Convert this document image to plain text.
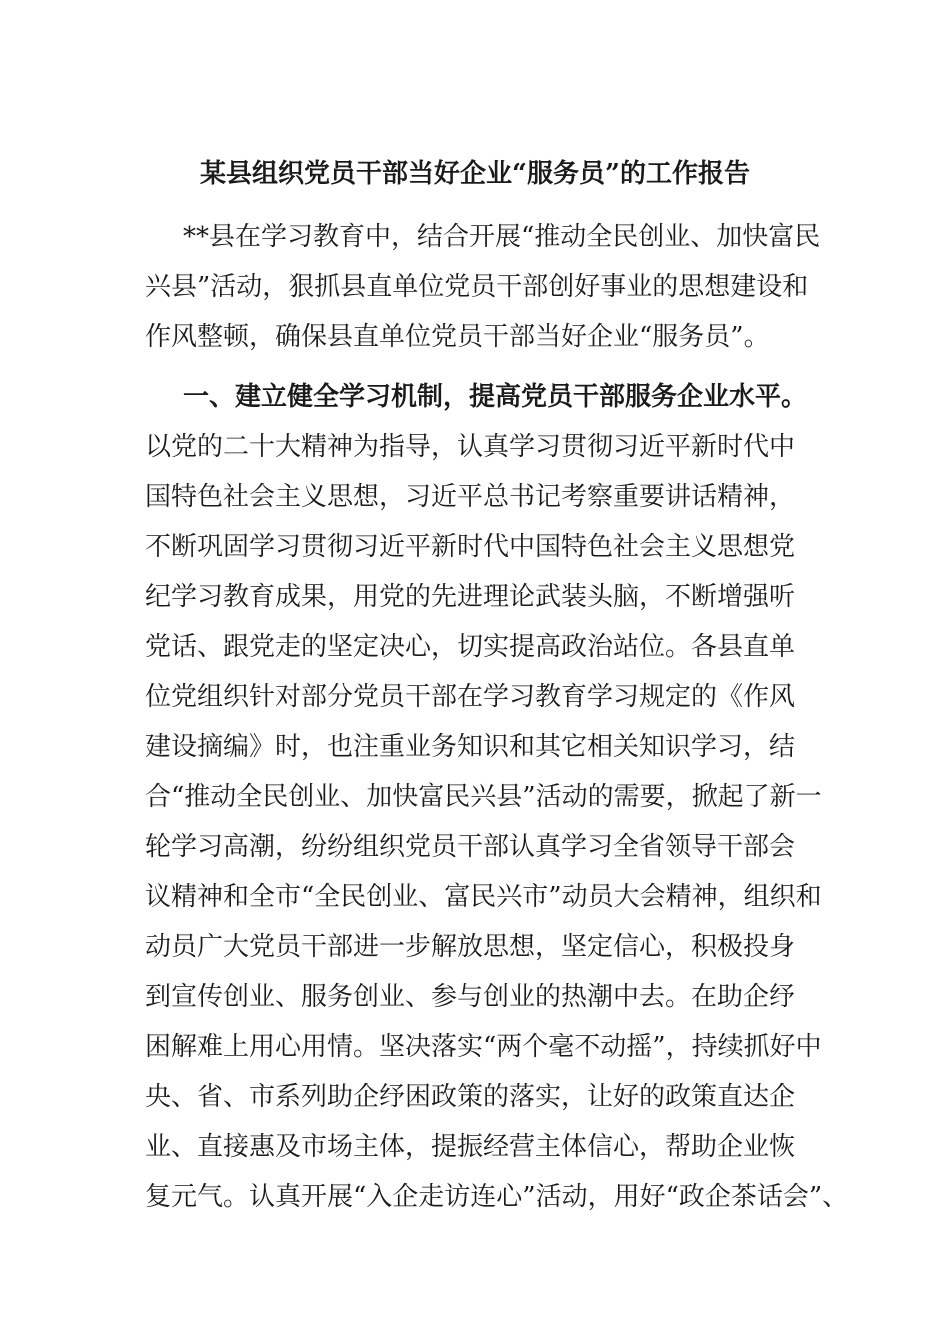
某县组织党员干部当好企业“服务员”的工作报告
**县在学习教育中，结合开展“推动全民创业、加快富民
兴县”活动，狠抓县直单位党员干部创好事业的思想建设和
作风整顿，确保县直单位党员干部当好企业“服务员”。
一、建立健全学习机制，提高党员干部服务企业水平。
以党的二十大精神为指导，认真学习贯彻习近平新时代中
国特色社会主义思想，习近平总书记考察重要讲话精神，
不断巩固学习贯彻习近平新时代中国特色社会主义思想党
纪学习教育成果，用党的先进理论武装头脑，不断增强听
党话、跟党走的坚定决心，切实提高政治站位。各县直单
位党组织针对部分党员干部在学习教育学习规定的《作风
建设摘编》时，也注重业务知识和其它相关知识学习，结
合“推动全民创业、加快富民兴县”活动的需要，掀起了新一
轮学习高潮，纷纷组织党员干部认真学习全省领导干部会
议精神和全市“全民创业、富民兴市”动员大会精神，组织和
动员广大党员干部进一步解放思想，坚定信心，积极投身
到宣传创业、服务创业、参与创业的热潮中去。在助企纾
困解难上用心用情。坚决落实“两个毫不动摇”，持续抓好中
央、省、市系列助企纾困政策的落实，让好的政策直达企
业、直接惠及市场主体，提振经营主体信心，帮助企业恢
复元气。认真开展“入企走访连心”活动，用好“政企茶话会”、
